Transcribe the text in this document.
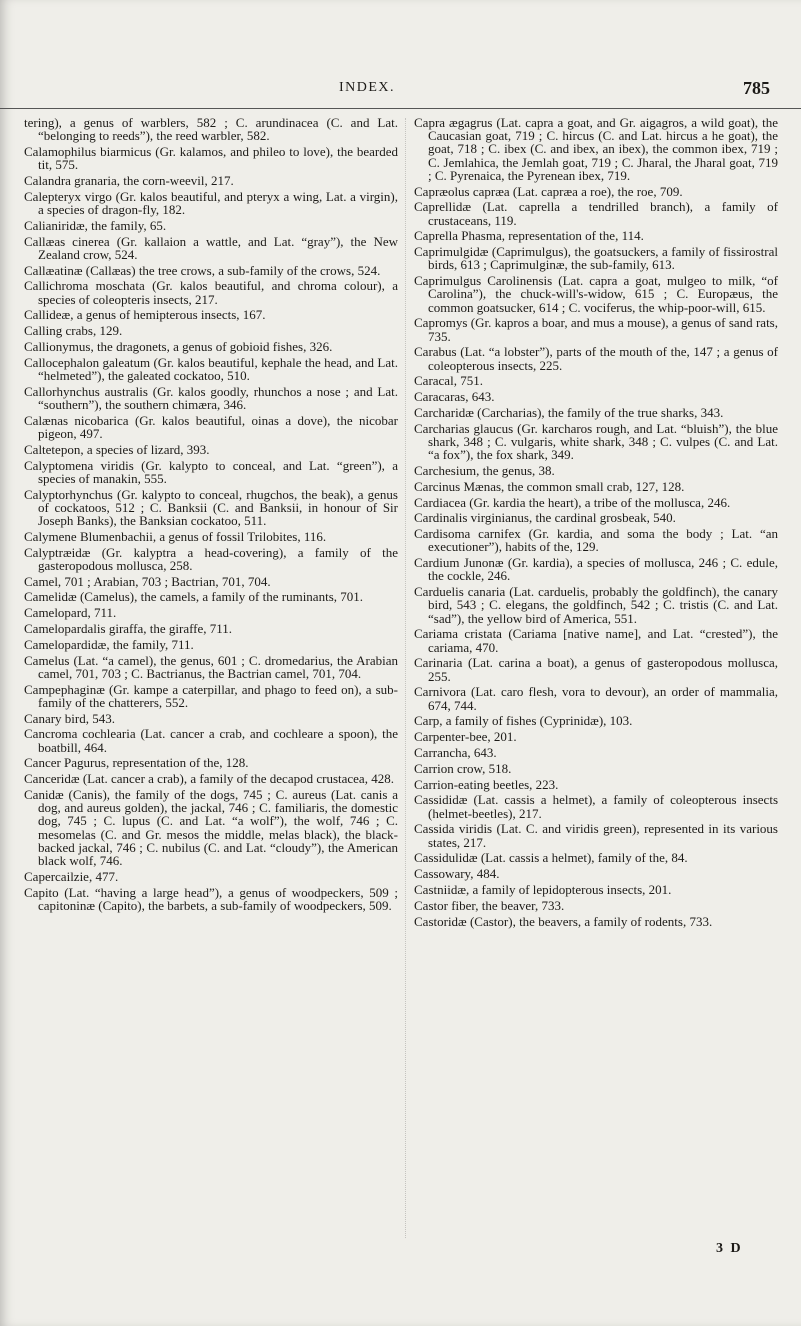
INDEX.	785

tering), a genus of warblers, 582 ; C. arundinacea (C. and Lat. “belonging to reeds”), the reed warbler, 582.

Calamophilus biarmicus (Gr. kalamos, and phileo to love), the bearded tit, 575.

Calandra granaria, the corn-weevil, 217.

Calepteryx virgo (Gr. kalos beautiful, and pteryx a wing, Lat. a virgin), a species of dragon-fly, 182.

Calianiridæ, the family, 65.

Callæas cinerea (Gr. kallaion a wattle, and Lat. “gray”), the New Zealand crow, 524.

Callæatinæ (Callæas) the tree crows, a sub-family of the crows, 524.

Callichroma moschata (Gr. kalos beautiful, and chroma colour), a species of coleopteris insects, 217.

Callideæ, a genus of hemipterous insects, 167.

Calling crabs, 129.

Callionymus, the dragonets, a genus of gobioid fishes, 326.

Callocephalon galeatum (Gr. kalos beautiful, kephale the head, and Lat. “helmeted”), the galeated cockatoo, 510.

Callorhynchus australis (Gr. kalos goodly, rhunchos a nose ; and Lat. “southern”), the southern chimæra, 346.

Calænas nicobarica (Gr. kalos beautiful, oinas a dove), the nicobar pigeon, 497.

Caltetepon, a species of lizard, 393.

Calyptomena viridis (Gr. kalypto to conceal, and Lat. “green”), a species of manakin, 555.

Calyptorhynchus (Gr. kalypto to conceal, rhugchos, the beak), a genus of cockatoos, 512 ; C. Banksii (C. and Banksii, in honour of Sir Joseph Banks), the Banksian cockatoo, 511.

Calymene Blumenbachii, a genus of fossil Trilobites, 116.

Calyptræidæ (Gr. kalyptra a head-covering), a family of the gasteropodous mollusca, 258.

Camel, 701 ; Arabian, 703 ; Bactrian, 701, 704.

Camelidæ (Camelus), the camels, a family of the ruminants, 701.

Camelopard, 711.

Camelopardalis giraffa, the giraffe, 711.

Camelopardidæ, the family, 711.

Camelus (Lat. “a camel), the genus, 601 ; C. dromedarius, the Arabian camel, 701, 703 ; C. Bactrianus, the Bactrian camel, 701, 704.

Campephaginæ (Gr. kampe a caterpillar, and phago to feed on), a sub-family of the chatterers, 552.

Canary bird, 543.

Cancroma cochlearia (Lat. cancer a crab, and cochleare a spoon), the boatbill, 464.

Cancer Pagurus, representation of the, 128.

Canceridæ (Lat. cancer a crab), a family of the decapod crustacea, 428.

Canidæ (Canis), the family of the dogs, 745 ; C. aureus (Lat. canis a dog, and aureus golden), the jackal, 746 ; C. familiaris, the domestic dog, 745 ; C. lupus (C. and Lat. “a wolf”), the wolf, 746 ; C. mesomelas (C. and Gr. mesos the middle, melas black), the black-backed jackal, 746 ; C. nubilus (C. and Lat. “cloudy”), the American black wolf, 746.

Capercailzie, 477.

Capito (Lat. “having a large head”), a genus of woodpeckers, 509 ; capitoninæ (Capito), the barbets, a sub-family of woodpeckers, 509.

Capra ægagrus (Lat. capra a goat, and Gr. aigagros, a wild goat), the Caucasian goat, 719 ; C. hircus (C. and Lat. hircus a he goat), the goat, 718 ; C. ibex (C. and ibex, an ibex), the common ibex, 719 ; C. Jemlahica, the Jemlah goat, 719 ; C. Jharal, the Jharal goat, 719 ; C. Pyrenaica, the Pyrenean ibex, 719.

Capræolus capræa (Lat. capræa a roe), the roe, 709.

Caprellidæ (Lat. caprella a tendrilled branch), a family of crustaceans, 119.

Caprella Phasma, representation of the, 114.

Caprimulgidæ (Caprimulgus), the goatsuckers, a family of fissirostral birds, 613 ; Caprimulginæ, the sub-family, 613.

Caprimulgus Carolinensis (Lat. capra a goat, mulgeo to milk, “of Carolina”), the chuck-will's-widow, 615 ; C. Europæus, the common goatsucker, 614 ; C. vociferus, the whip-poor-will, 615.

Capromys (Gr. kapros a boar, and mus a mouse), a genus of sand rats, 735.

Carabus (Lat. “a lobster”), parts of the mouth of the, 147 ; a genus of coleopterous insects, 225.

Caracal, 751.

Caracaras, 643.

Carcharidæ (Carcharias), the family of the true sharks, 343.

Carcharias glaucus (Gr. karcharos rough, and Lat. “bluish”), the blue shark, 348 ; C. vulgaris, white shark, 348 ; C. vulpes (C. and Lat. “a fox”), the fox shark, 349.

Carchesium, the genus, 38.

Carcinus Mænas, the common small crab, 127, 128.

Cardiacea (Gr. kardia the heart), a tribe of the mollusca, 246.

Cardinalis virginianus, the cardinal grosbeak, 540.

Cardisoma carnifex (Gr. kardia, and soma the body ; Lat. “an executioner”), habits of the, 129.

Cardium Junonæ (Gr. kardia), a species of mollusca, 246 ; C. edule, the cockle, 246.

Carduelis canaria (Lat. carduelis, probably the goldfinch), the canary bird, 543 ; C. elegans, the goldfinch, 542 ; C. tristis (C. and Lat. “sad”), the yellow bird of America, 551.

Cariama cristata (Cariama [native name], and Lat. “crested”), the cariama, 470.

Carinaria (Lat. carina a boat), a genus of gasteropodous mollusca, 255.

Carnivora (Lat. caro flesh, vora to devour), an order of mammalia, 674, 744.

Carp, a family of fishes (Cyprinidæ), 103.

Carpenter-bee, 201.

Carrancha, 643.

Carrion crow, 518.

Carrion-eating beetles, 223.

Cassididæ (Lat. cassis a helmet), a family of coleopterous insects (helmet-beetles), 217.

Cassida viridis (Lat. C. and viridis green), represented in its various states, 217.

Cassidulidæ (Lat. cassis a helmet), family of the, 84.

Cassowary, 484.

Castniidæ, a family of lepidopterous insects, 201.

Castor fiber, the beaver, 733.

Castoridæ (Castor), the beavers, a family of rodents, 733.

3 D
